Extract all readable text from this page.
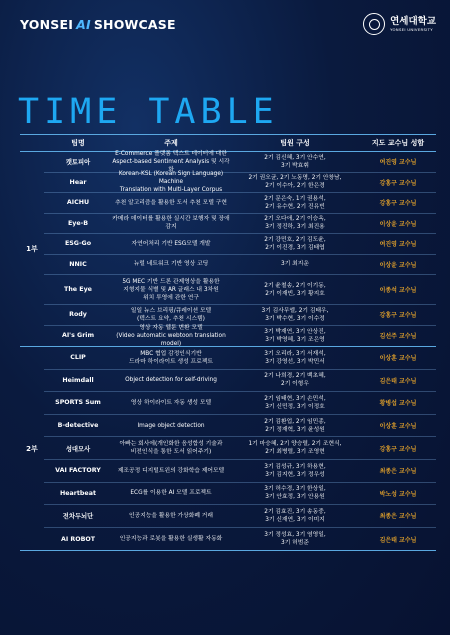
YONSEI AI SHOWCASE	연세대학교
YONSEI UNIVERSITY
TIME TABLE
팀명	주제	팀원 구성	지도 교수님 성함
1부
캣토피아
E-Commerce 플랫폼 텍스트 데이터에 대한
Aspect-based Sentiment Analysis 및 시각화
2기 김신혜, 3기 안수연,
3기 박효휘	여진영 교수님
Hear
Korean-KSL (Korean Sign Language) Machine
Translation with Multi-Layer Corpus
2기 권오균, 2기 노동명, 2기 안창남,
2기 이수아, 2기 한은경	강홍구 교수님
AICHU	추천 알고리즘을 활용한 도서 추천 모델 구현
2기 문은숙, 1기 권용석,
2기 유수현, 2기 진유빈	강홍구 교수님
Eye-B
카메라 데이터를 활용한 실시간 보행자 및 장애 감지
2기 오다애, 2기 이승옥,
3기 정진하, 3기 최진용	이상윤 교수님
ESG-Go	자연어처리 기반 ESG모델 개발
2기 강민호, 2기 김도윤,
2기 이진경, 3기 김태엽	여진영 교수님
NNIC	뉴럴 네트워크 기반 영상 코딩	3기 최지운	이상윤 교수님
The Eye
5G MEC 기반 드론 관제영상을 활용한
지형지물 식별 및 AR 글래스 내 3차원
위치 투영에 관한 연구
2기 윤철송, 2기 이기동,
2기 이재빈, 3기 황지호	이종석 교수님
Rody
일일 뉴스 브리핑/큐레이션 모델
(텍스트 요약, 추천 시스템)
3기 김사무엘, 2기 김태우,
3기 박수현, 3기 이수정	강홍구 교수님
AI's Grim
영상 자동 웹툰 변환 모델
(Video automatic webtoon translation model)
3기 박재연, 3기 안상진,
3기 박영혜, 3기 조은영	김선주 교수님
2부
CLIP
MBC 협업 감정인식기반
드라마 하이라이트 생성 프로젝트
3기 오리라, 3기 서재석,
3기 강영선, 3기 박민서	이상훈 교수님
Heimdall	Object detection for self-driving
2기 나희경, 2기 백초혜,
2기 이형우	김은태 교수님
SPORTS Sum	영상 하이라이트 자동 생성 모델
2기 임태현, 3기 손민석,
3기 신민정, 3기 이정호	황병섭 교수님
B-detective	Image object detection
2기 김환업, 2기 임민종,
2기 정재혁, 3기 윤성원	이상훈 교수님
성대모사
아빠는 회사에(개인화한 음성합성 기술과
비전인식을 통한 도서 읽어주기)
1기 마승혜, 2기 양승렬, 2기 조현식,
2기 최병렬, 3기 조영현	강홍구 교수님
VAI FACTORY	제조공정 디지털트윈의 강화학습 제어모델
3기 김성규, 3기 하용현,
3기 김지현, 3기 정우성	최종은 교수님
Heartbeat	ECG를 이용한 AI 모델 프로젝트
3기 허수경, 3기 한상일,
3기 안효정, 3기 안용원	박노성 교수님
전차두뇌단	인공지능을 활용한 가상화폐 거래
2기 김효진, 3기 송동중,
3기 신재연, 3기 이미지	최종은 교수님
AI ROBOT	인공지능과 로봇을 활용한 실생활 자동화
3기 정성효, 3기 염영일,
3기 허범준	김은태 교수님
